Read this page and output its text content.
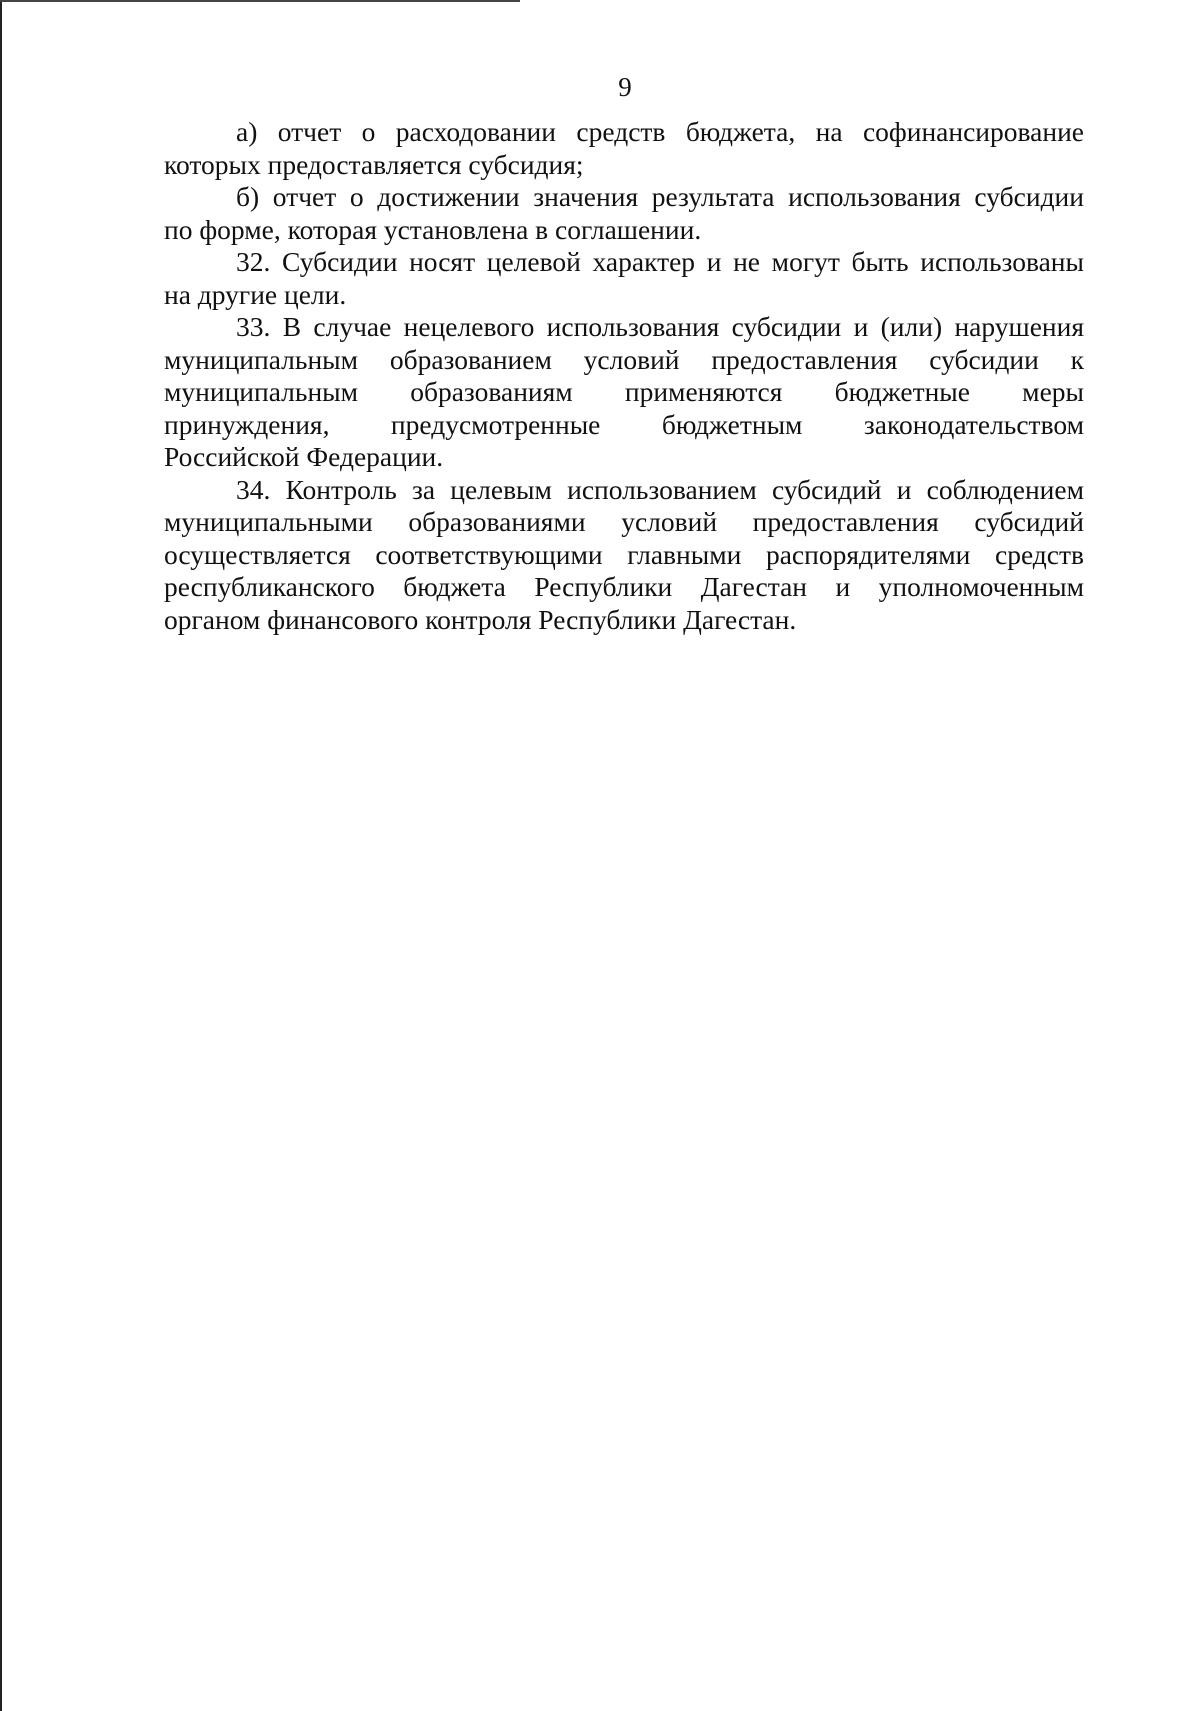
9

а) отчет о расходовании средств бюджета, на софинансирование
которых предоставляется субсидия;

б) отчет о достижении значения результата использования субсидии
по форме, которая установлена в соглашении.

32. Субсидии носят целевой характер и не могут быть использованы
на другие цели.

33. В случае нецелевого использования субсидии и (или) нарушения
муниципальным образованием условий предоставления субсидии к
муниципальным образованиям применяются бюджетные меры
принуждения, предусмотренные бюджетным законодательством
Российской Федерации.

34. Контроль за целевым использованием субсидий и соблюдением
муниципальными образованиями условий предоставления субсидий
осуществляется соответствующими главными распорядителями средств
республиканского бюджета Республики Дагестан и уполномоченным
органом финансового контроля Республики Дагестан.
